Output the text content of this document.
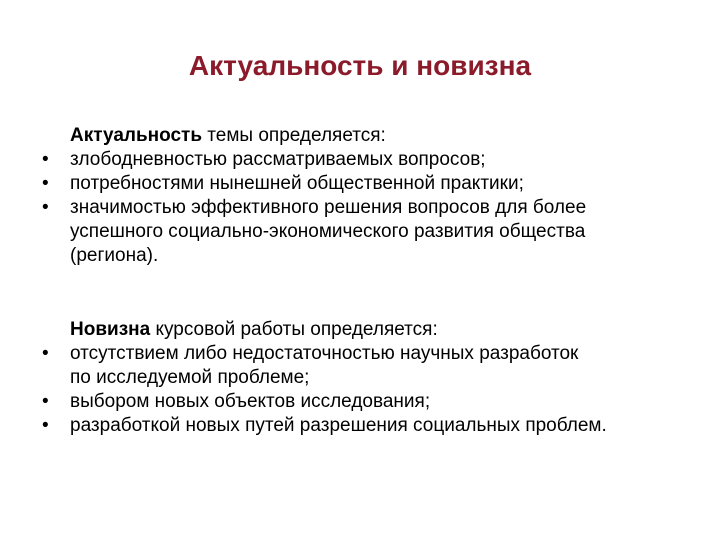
Актуальность и новизна
Актуальность темы определяется:
•	злободневностью рассматриваемых вопросов;
•	потребностями нынешней общественной практики;
•	значимостью эффективного решения вопросов для более успешного социально-экономического развития общества (региона).
Новизна курсовой работы определяется:
•	отсутствием либо недостаточностью научных разработок по исследуемой проблеме;
•	выбором новых объектов исследования;
•	разработкой новых путей разрешения социальных проблем.
